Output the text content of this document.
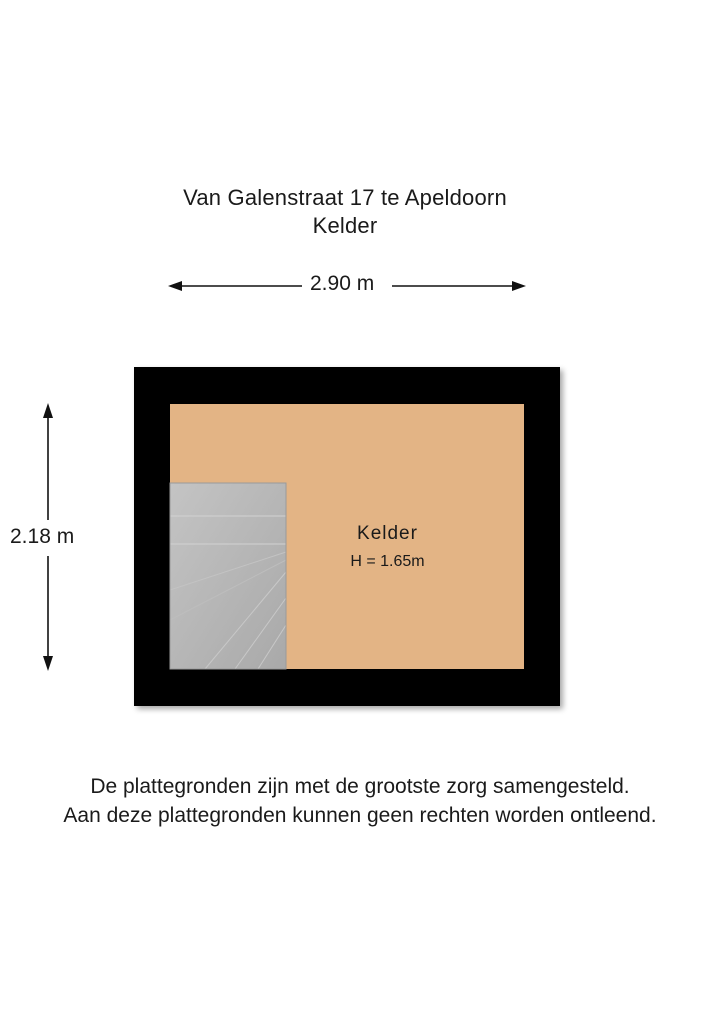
Van Galenstraat 17 te Apeldoorn
Kelder
2.90 m
2.18 m	Kelder
H = 1.65m
De plattegronden zijn met de grootste zorg samengesteld.
Aan deze plattegronden kunnen geen rechten worden ontleend.
